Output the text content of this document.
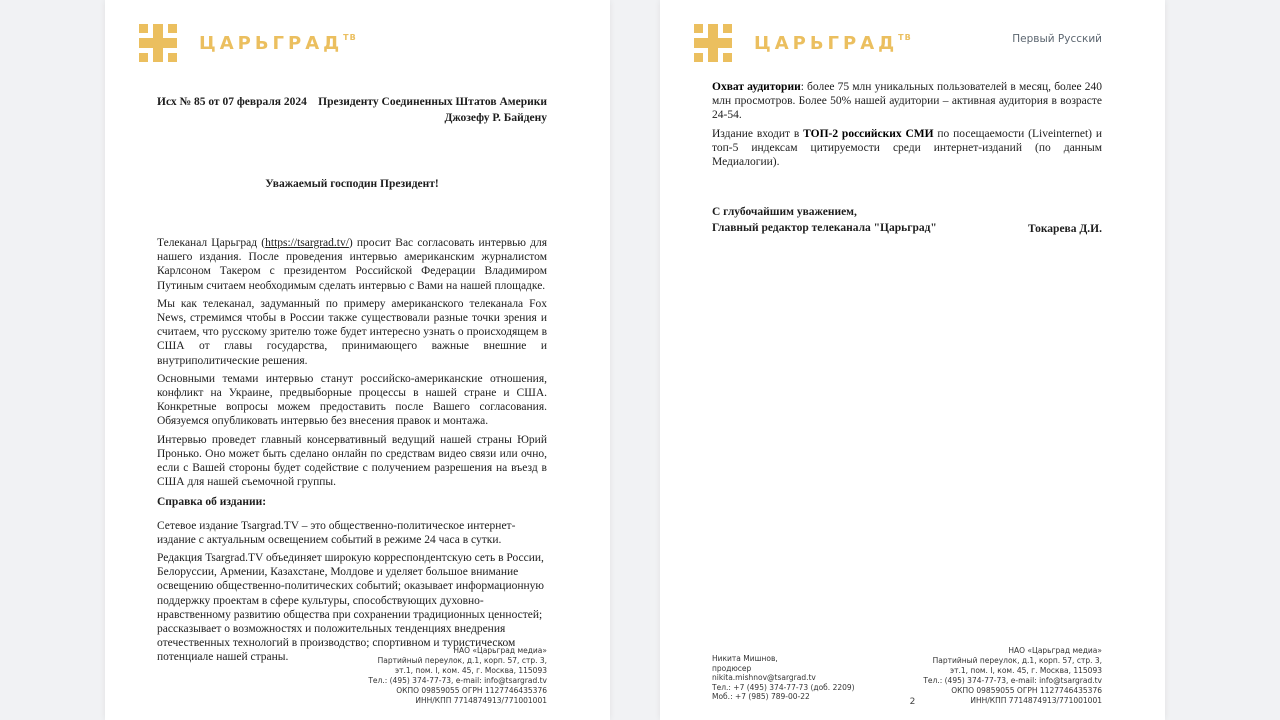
$ЦАРЬГРАД^{ТВ}$
Исх № 85 от 07 февраля 2024 Президенту Соединенных Штатов Америки
Джозефу Р. Байдену
Уважаемый господин Президент!

Телеканал Царьград (https://tsargrad.tv/) просит Вас согласовать интервью для нашего издания. После проведения интервью американским журналистом Карлсоном Такером с президентом Российской Федерации Владимиром Путиным считаем необходимым сделать интервью с Вами на нашей площадке.

Мы как телеканал, задуманный по примеру американского телеканала Fox News, стремимся чтобы в России также существовали разные точки зрения и считаем, что русскому зрителю тоже будет интересно узнать о происходящем в США от главы государства, принимающего важные внешние и внутриполитические решения.

Основными темами интервью станут российско-американские отношения, конфликт на Украине, предвыборные процессы в нашей стране и США. Конкретные вопросы можем предоставить после Вашего согласования. Обязуемся опубликовать интервью без внесения правок и монтажа.

Интервью проведет главный консервативный ведущий нашей страны Юрий Пронько. Оно может быть сделано онлайн по средствам видео связи или очно, если с Вашей стороны будет содействие с получением разрешения на въезд в США для нашей съемочной группы.

Справка об издании:

Сетевое издание Tsargrad.TV – это общественно-политическое интернет-издание с актуальным освещением событий в режиме 24 часа в сутки.

Редакция Tsargrad.TV объединяет широкую корреспондентскую сеть в России, Белоруссии, Армении, Казахстане, Молдове и уделяет большое внимание освещению общественно-политических событий; оказывает информационную поддержку проектам в сфере культуры, способствующих духовно-нравственному развитию общества при сохранении традиционных ценностей; рассказывает о возможностях и положительных тенденциях внедрения отечественных технологий в производство; спортивном и туристическом потенциале нашей страны.

НАО «Царьград медиа»
Партийный переулок, д.1, корп. 57, стр. 3,
эт.1, пом. I, ком. 45, г. Москва, 115093
Тел.: (495) 374-77-73, e-mail: info@tsargrad.tv
ОКПО 09859055 ОГРН 1127746435376
ИНН/КПП 7714874913/771001001
$ЦАРЬГРАД^{ТВ}$	Первый Русский

Охват аудитории: более 75 млн уникальных пользователей в месяц, более 240 млн просмотров. Более 50% нашей аудитории – активная аудитория в возрасте 24-54.

Издание входит в ТОП-2 российских СМИ по посещаемости (Liveinternet) и топ-5 индексам цитируемости среди интернет-изданий (по данным Медиалогии).

С глубочайшим уважением,
Главный редактор телеканала "Царьград"	Токарева Д.И.
Никита Мишнов,
продюсер
nikita.mishnov@tsargrad.tv
Тел.: +7 (495) 374-77-73 (доб. 2209)
Моб.: +7 (985) 789-00-22
НАО «Царьград медиа»
Партийный переулок, д.1, корп. 57, стр. 3,
эт.1, пом. I, ком. 45, г. Москва, 115093
Тел.: (495) 374-77-73, e-mail: info@tsargrad.tv
ОКПО 09859055 ОГРН 1127746435376
ИНН/КПП 7714874913/771001001
2
